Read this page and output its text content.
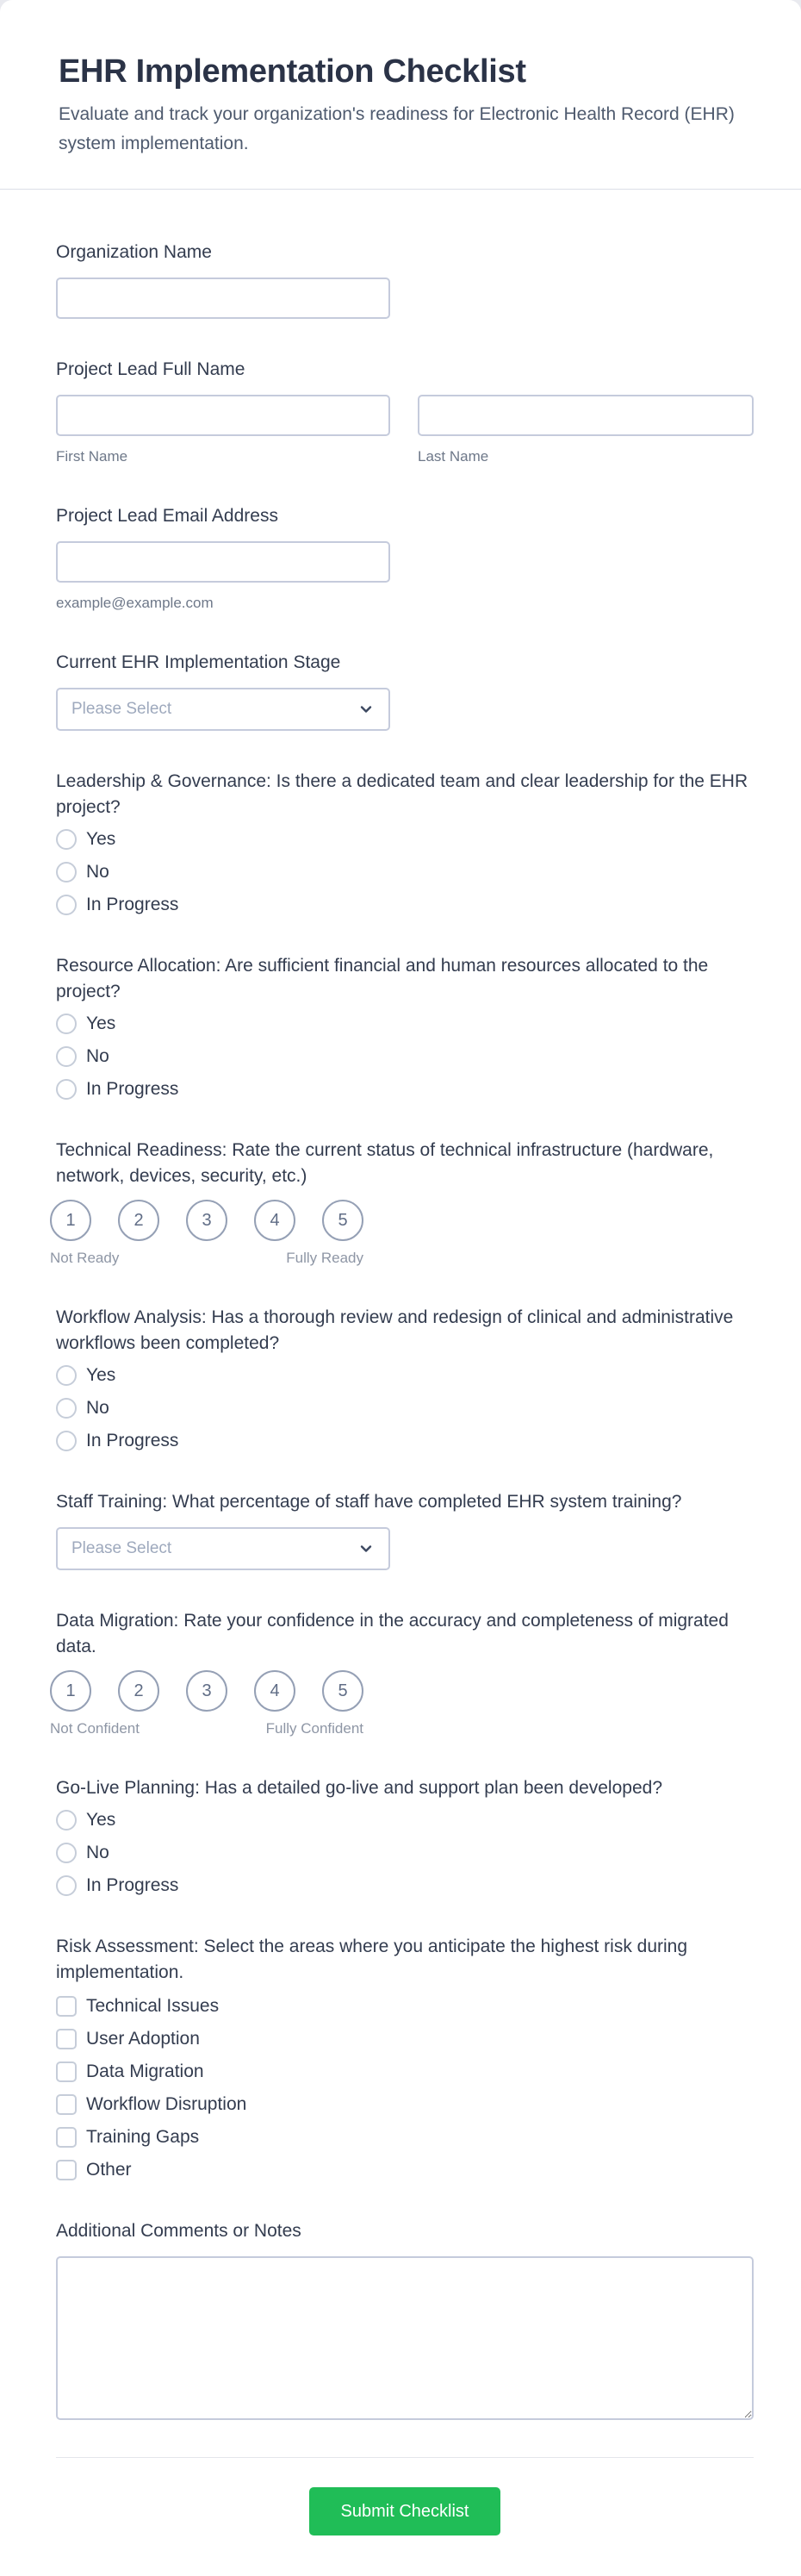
EHR Implementation Checklist

Evaluate and track your organization's readiness for Electronic Health Record (EHR) system implementation.

Organization Name
Project Lead Full Name
First Name	Last Name
Project Lead Email Address
example@example.com
Current EHR Implementation Stage
Please Select
Leadership & Governance: Is there a dedicated team and clear leadership for the EHR project?
Yes
No
In Progress
Resource Allocation: Are sufficient financial and human resources allocated to the project?
Yes
No
In Progress
Technical Readiness: Rate the current status of technical infrastructure (hardware, network, devices, security, etc.)
1	2	3	4	5
Not Ready	Fully Ready
Workflow Analysis: Has a thorough review and redesign of clinical and administrative workflows been completed?
Yes
No
In Progress
Staff Training: What percentage of staff have completed EHR system training?
Please Select
Data Migration: Rate your confidence in the accuracy and completeness of migrated data.
1	2	3	4	5
Not Confident	Fully Confident
Go-Live Planning: Has a detailed go-live and support plan been developed?
Yes
No
In Progress
Risk Assessment: Select the areas where you anticipate the highest risk during implementation.
Technical Issues
User Adoption
Data Migration
Workflow Disruption
Training Gaps
Other
Additional Comments or Notes
Submit Checklist
